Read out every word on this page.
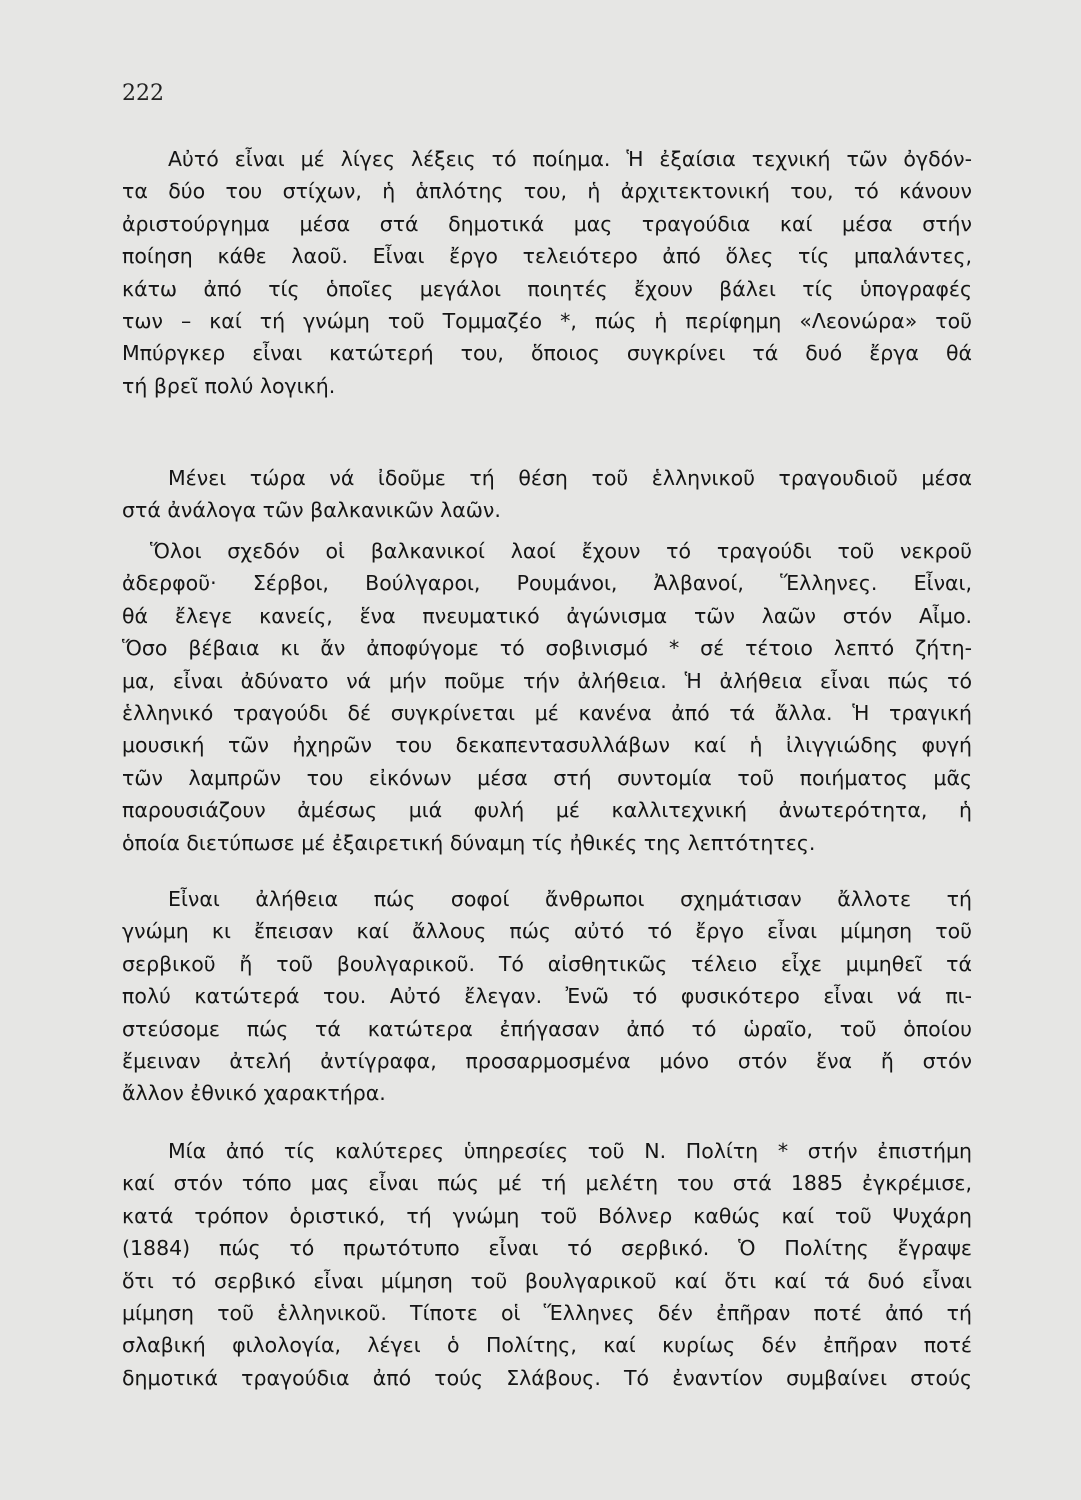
222
Αὐτό εἶναι μέ λίγες λέξεις τό ποίημα. Ἡ ἐξαίσια τεχνική τῶν ὀγδόν-
τα δύο του στίχων, ἡ ἁπλότης του, ἡ ἀρχιτεκτονική του, τό κάνουν
ἀριστούργημα μέσα στά δημοτικά μας τραγούδια καί μέσα στήν
ποίηση κάθε λαοῦ. Εἶναι ἔργο τελειότερο ἀπό ὅλες τίς μπαλάντες,
κάτω ἀπό τίς ὁποῖες μεγάλοι ποιητές ἔχουν βάλει τίς ὑπογραφές
των – καί τή γνώμη τοῦ Τομμαζέο *, πώς ἡ περίφημη «Λεονώρα» τοῦ
Μπύργκερ εἶναι κατώτερή του, ὅποιος συγκρίνει τά δυό ἔργα θά
τή βρεῖ πολύ λογική.
Μένει τώρα νά ἰδοῦμε τή θέση τοῦ ἑλληνικοῦ τραγουδιοῦ μέσα
στά ἀνάλογα τῶν βαλκανικῶν λαῶν.
Ὅλοι σχεδόν οἱ βαλκανικοί λαοί ἔχουν τό τραγούδι τοῦ νεκροῦ
ἀδερφοῦ· Σέρβοι, Βούλγαροι, Ρουμάνοι, Ἀλβανοί, Ἕλληνες. Εἶναι,
θά ἔλεγε κανείς, ἕνα πνευματικό ἀγώνισμα τῶν λαῶν στόν Αἶμο.
Ὅσο βέβαια κι ἄν ἀποφύγομε τό σοβινισμό * σέ τέτοιο λεπτό ζήτη-
μα, εἶναι ἀδύνατο νά μήν ποῦμε τήν ἀλήθεια. Ἡ ἀλήθεια εἶναι πώς τό
ἑλληνικό τραγούδι δέ συγκρίνεται μέ κανένα ἀπό τά ἄλλα. Ἡ τραγική
μουσική τῶν ἠχηρῶν του δεκαπεντασυλλάβων καί ἡ ἰλιγγιώδης φυγή
τῶν λαμπρῶν του εἰκόνων μέσα στή συντομία τοῦ ποιήματος μᾶς
παρουσιάζουν ἀμέσως μιά φυλή μέ καλλιτεχνική ἀνωτερότητα, ἡ
ὁποία διετύπωσε μέ ἐξαιρετική δύναμη τίς ἠθικές της λεπτότητες.
Εἶναι ἀλήθεια πώς σοφοί ἄνθρωποι σχημάτισαν ἄλλοτε τή
γνώμη κι ἔπεισαν καί ἄλλους πώς αὐτό τό ἔργο εἶναι μίμηση τοῦ
σερβικοῦ ἤ τοῦ βουλγαρικοῦ. Τό αἰσθητικῶς τέλειο εἶχε μιμηθεῖ τά
πολύ κατώτερά του. Αὐτό ἔλεγαν. Ἐνῶ τό φυσικότερο εἶναι νά πι-
στεύσομε πώς τά κατώτερα ἐπήγασαν ἀπό τό ὡραῖο, τοῦ ὁποίου
ἔμειναν ἀτελή ἀντίγραφα, προσαρμοσμένα μόνο στόν ἕνα ἤ στόν
ἄλλον ἐθνικό χαρακτήρα.
Μία ἀπό τίς καλύτερες ὑπηρεσίες τοῦ Ν. Πολίτη * στήν ἐπιστήμη
καί στόν τόπο μας εἶναι πώς μέ τή μελέτη του στά 1885 ἐγκρέμισε,
κατά τρόπον ὁριστικό, τή γνώμη τοῦ Βόλνερ καθώς καί τοῦ Ψυχάρη
(1884) πώς τό πρωτότυπο εἶναι τό σερβικό. Ὁ Πολίτης ἔγραψε
ὅτι τό σερβικό εἶναι μίμηση τοῦ βουλγαρικοῦ καί ὅτι καί τά δυό εἶναι
μίμηση τοῦ ἑλληνικοῦ. Τίποτε οἱ Ἕλληνες δέν ἐπῆραν ποτέ ἀπό τή
σλαβική φιλολογία, λέγει ὁ Πολίτης, καί κυρίως δέν ἐπῆραν ποτέ
δημοτικά τραγούδια ἀπό τούς Σλάβους. Τό ἐναντίον συμβαίνει στούς
